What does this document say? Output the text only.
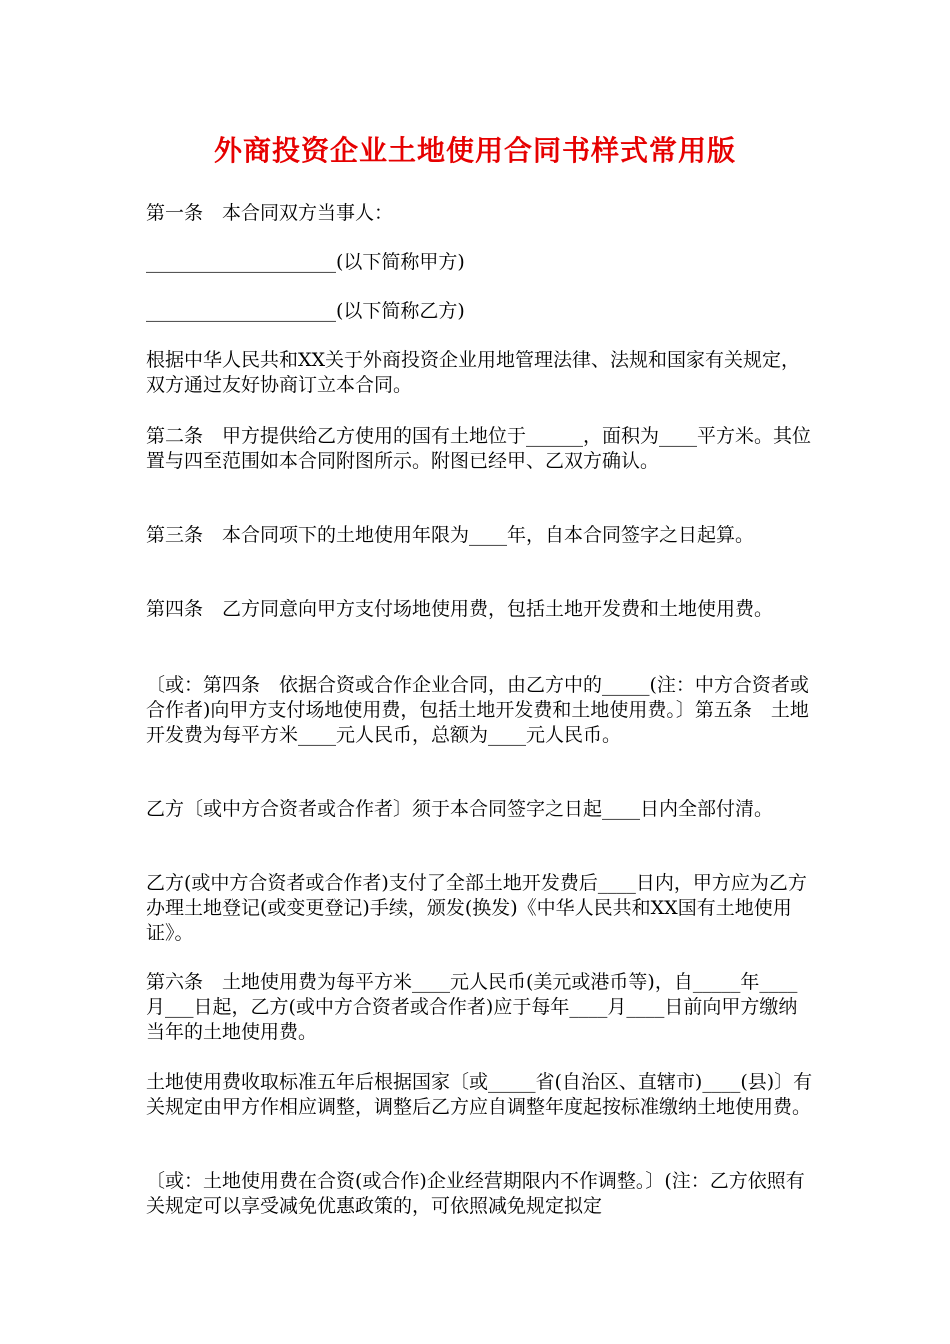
外商投资企业土地使用合同书样式常用版

第一条　本合同双方当事人：

____________________(以下简称甲方)

____________________(以下简称乙方)

根据中华人民共和XX关于外商投资企业用地管理法律、法规和国家有关规定，双方通过友好协商订立本合同。

第二条　甲方提供给乙方使用的国有土地位于______，面积为____平方米。其位置与四至范围如本合同附图所示。附图已经甲、乙双方确认。

第三条　本合同项下的土地使用年限为____年，自本合同签字之日起算。

第四条　乙方同意向甲方支付场地使用费，包括土地开发费和土地使用费。

〔或：第四条　依据合资或合作企业合同，由乙方中的_____(注：中方合资者或合作者)向甲方支付场地使用费，包括土地开发费和土地使用费。〕第五条　土地开发费为每平方米____元人民币，总额为____元人民币。

乙方〔或中方合资者或合作者〕须于本合同签字之日起____日内全部付清。

乙方(或中方合资者或合作者)支付了全部土地开发费后____日内，甲方应为乙方办理土地登记(或变更登记)手续，颁发(换发)《中华人民共和XX国有土地使用证》。

第六条　土地使用费为每平方米____元人民币(美元或港币等)，自_____年____月___日起，乙方(或中方合资者或合作者)应于每年____月____日前向甲方缴纳当年的土地使用费。

土地使用费收取标准五年后根据国家〔或_____省(自治区、直辖市)____(县)〕有关规定由甲方作相应调整，调整后乙方应自调整年度起按标准缴纳土地使用费。

〔或：土地使用费在合资(或合作)企业经营期限内不作调整。〕(注：乙方依照有关规定可以享受减免优惠政策的，可依照减免规定拟定
